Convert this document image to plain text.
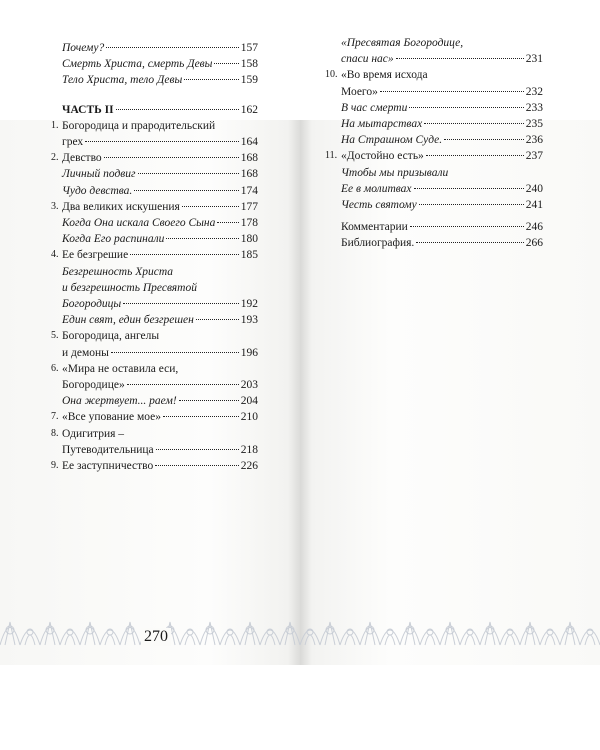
Почему?	157
Смерть Христа, смерть Девы 158
Тело Христа, тело Девы	159
ЧАСТЬ II	162
1. Богородица и прародительский
грех	164
2. Девство	168
Личный подвиг	168
Чудо девства.	174
3. Два великих искушения	177
Когда Она искала Своего Сына 178
Когда Его распинали	180
4. Ее безгрешие	185
Безгрешность Христа
и безгрешность Пресвятой
Богородицы	192
Един свят, един безгрешен	193
5. Богородица, ангелы
и демоны	196
6. «Мира не оставила еси,
Богородице»	203
Она жертвует... раем!	204
7. «Все упование мое»	210
8. Одигитрия –
Путеводительница	218
9. Ее заступничество	226
«Пресвятая Богородице,
спаси нас»	231
10. «Во время исхода
Моего»	232
В час смерти	233
На мытарствах	235
На Страшном Суде.	236
11. «Достойно есть»	237
Чтобы мы призывали
Ее в молитвах	240
Честь святому	241
Комментарии	246
Библиография.	266
270
